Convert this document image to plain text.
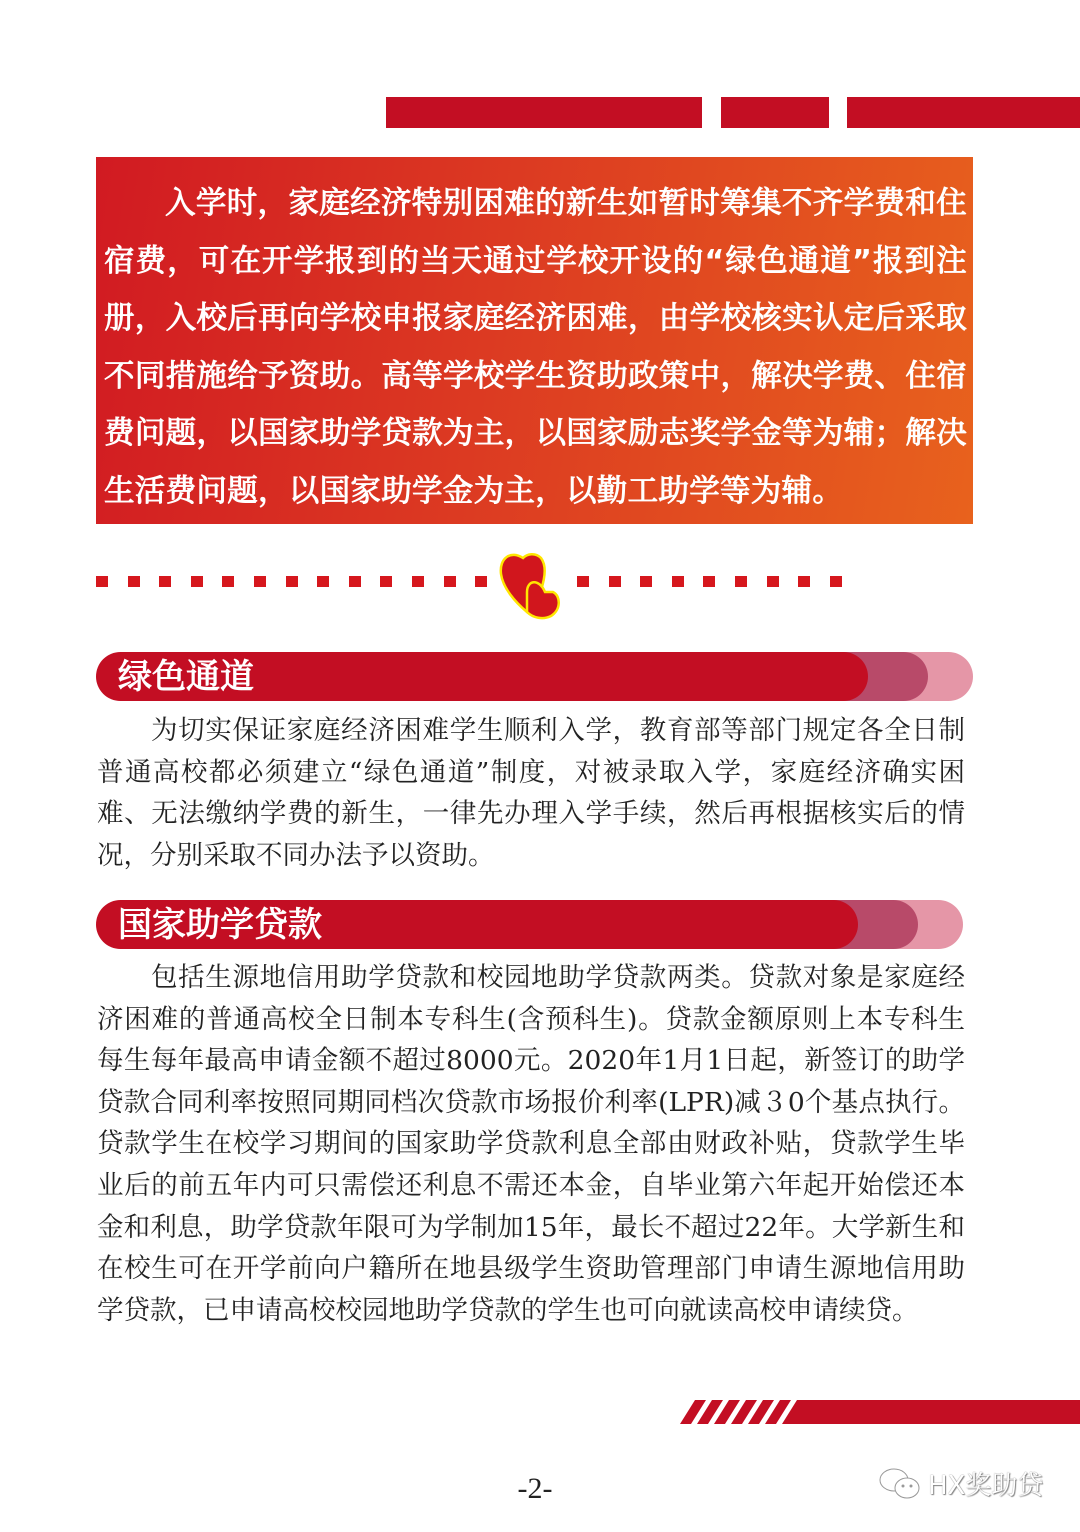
入学时，家庭经济特别困难的新生如暂时筹集不齐学费和住宿费，可在开学报到的当天通过学校开设的“绿色通道”报到注册，入校后再向学校申报家庭经济困难，由学校核实认定后采取不同措施给予资助。高等学校学生资助政策中，解决学费、住宿费问题，以国家助学贷款为主，以国家励志奖学金等为辅；解决生活费问题，以国家助学金为主，以勤工助学等为辅。

绿色通道

为切实保证家庭经济困难学生顺利入学，教育部等部门规定各全日制普通高校都必须建立“绿色通道”制度，对被录取入学，家庭经济确实困难、无法缴纳学费的新生，一律先办理入学手续，然后再根据核实后的情况，分别采取不同办法予以资助。

国家助学贷款

包括生源地信用助学贷款和校园地助学贷款两类。贷款对象是家庭经济困难的普通高校全日制本专科生(含预科生)。贷款金额原则上本专科生每生每年最高申请金额不超过8000元。2020年1月1日起，新签订的助学贷款合同利率按照同期同档次贷款市场报价利率(LPR)减３0个基点执行。贷款学生在校学习期间的国家助学贷款利息全部由财政补贴，贷款学生毕业后的前五年内可只需偿还利息不需还本金，自毕业第六年起开始偿还本金和利息，助学贷款年限可为学制加15年，最长不超过22年。大学新生和在校生可在开学前向户籍所在地县级学生资助管理部门申请生源地信用助学贷款，已申请高校校园地助学贷款的学生也可向就读高校申请续贷。

-2-	HX奖助贷
